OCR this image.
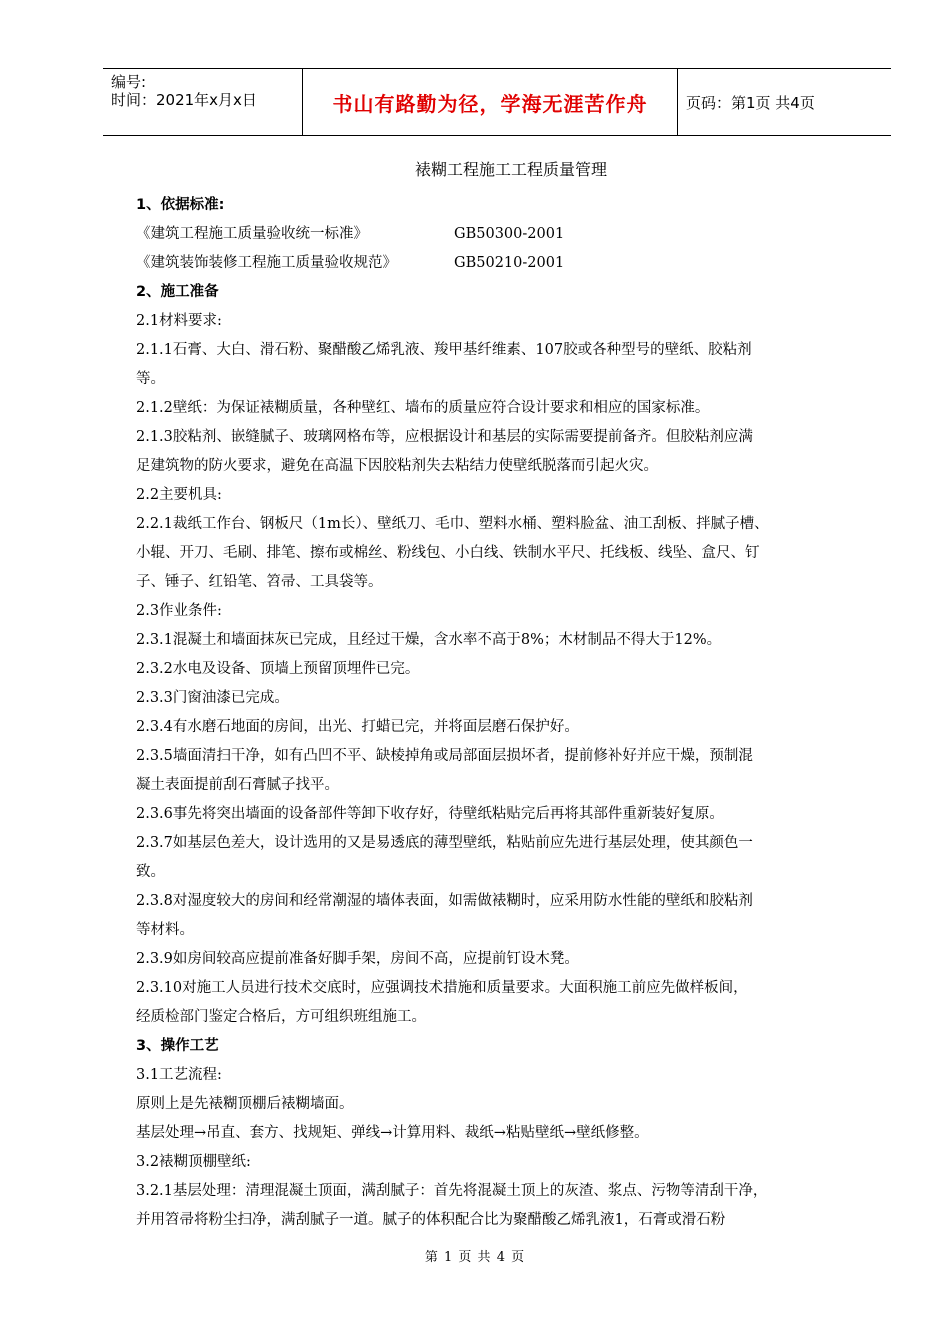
编号:
时间：2021年x月x日	书山有路勤为径，学海无涯苦作舟	页码：第1页 共4页
裱糊工程施工工程质量管理
1、依据标准:
《建筑工程施工质量验收统一标准》	GB50300-2001
《建筑装饰装修工程施工质量验收规范》	GB50210-2001
2、施工准备
2.1材料要求:
2.1.1石膏、大白、滑石粉、聚醋酸乙烯乳液、羧甲基纤维素、107胶或各种型号的壁纸、胶粘剂
等。
2.1.2壁纸：为保证裱糊质量，各种壁红、墙布的质量应符合设计要求和相应的国家标准。
2.1.3胶粘剂、嵌缝腻子、玻璃网格布等，应根据设计和基层的实际需要提前备齐。但胶粘剂应满
足建筑物的防火要求，避免在高温下因胶粘剂失去粘结力使壁纸脱落而引起火灾。
2.2主要机具:
2.2.1裁纸工作台、钢板尺（1m长）、壁纸刀、毛巾、塑料水桶、塑料脸盆、油工刮板、拌腻子槽、
小辊、开刀、毛刷、排笔、擦布或棉丝、粉线包、小白线、铁制水平尺、托线板、线坠、盒尺、钉
子、锤子、红铅笔、笤帚、工具袋等。
2.3作业条件:
2.3.1混凝土和墙面抹灰已完成，且经过干燥，含水率不高于8%；木材制品不得大于12%。
2.3.2水电及设备、顶墙上预留顶埋件已完。
2.3.3门窗油漆已完成。
2.3.4有水磨石地面的房间，出光、打蜡已完，并将面层磨石保护好。
2.3.5墙面清扫干净，如有凸凹不平、缺棱掉角或局部面层损坏者，提前修补好并应干燥，预制混
凝土表面提前刮石膏腻子找平。
2.3.6事先将突出墙面的设备部件等卸下收存好，待壁纸粘贴完后再将其部件重新装好复原。
2.3.7如基层色差大，设计选用的又是易透底的薄型壁纸，粘贴前应先进行基层处理，使其颜色一
致。
2.3.8对湿度较大的房间和经常潮湿的墙体表面，如需做裱糊时，应采用防水性能的壁纸和胶粘剂
等材料。
2.3.9如房间较高应提前准备好脚手架，房间不高，应提前钉设木凳。
2.3.10对施工人员进行技术交底时，应强调技术措施和质量要求。大面积施工前应先做样板间，
经质检部门鉴定合格后，方可组织班组施工。
3、操作工艺
3.1工艺流程:
原则上是先裱糊顶棚后裱糊墙面。
基层处理→吊直、套方、找规矩、弹线→计算用料、裁纸→粘贴壁纸→壁纸修整。
3.2裱糊顶棚壁纸:
3.2.1基层处理：清理混凝土顶面，满刮腻子：首先将混凝土顶上的灰渣、浆点、污物等清刮干净，
并用笤帚将粉尘扫净，满刮腻子一道。腻子的体积配合比为聚醋酸乙烯乳液1，石膏或滑石粉
第 1 页 共 4 页
